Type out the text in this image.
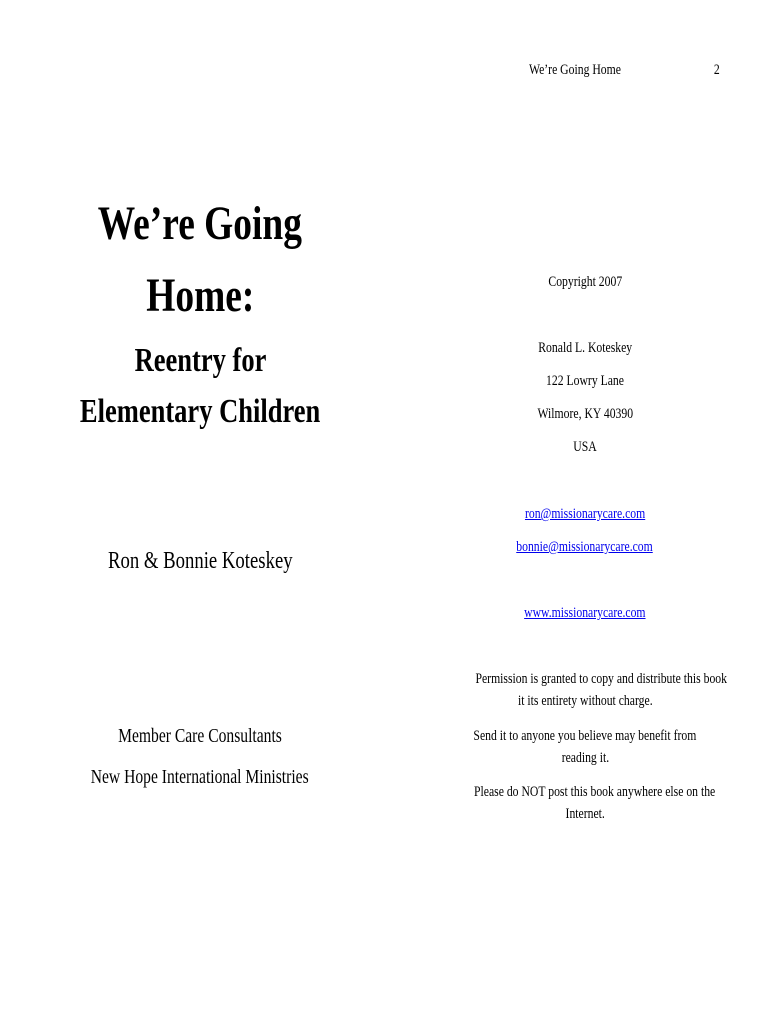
We’re Going Home	2
We’re Going
Home:
Reentry for
Elementary Children
Ron & Bonnie Koteskey
Member Care Consultants
New Hope International Ministries
Copyright 2007
Ronald L. Koteskey
122 Lowry Lane
Wilmore, KY 40390
USA
ron@missionarycare.com
bonnie@missionarycare.com
www.missionarycare.com
Permission is granted to copy and distribute this book
it its entirety without charge.
Send it to anyone you believe may benefit from
reading it.
Please do NOT post this book anywhere else on the
Internet.
